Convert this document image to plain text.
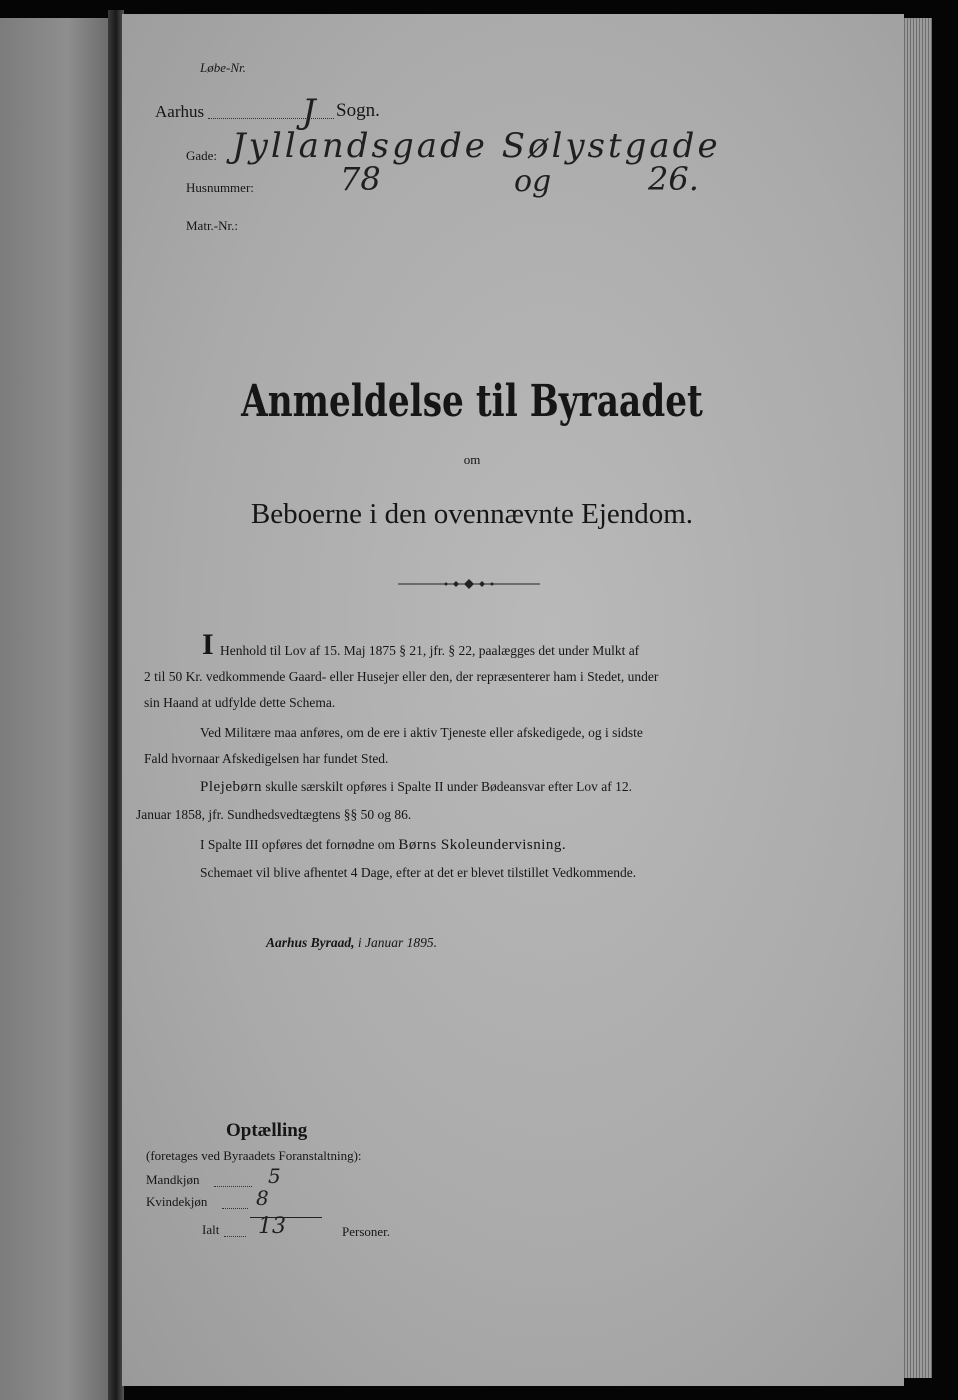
Løbe-Nr.
Aarhus	J Sogn.
Gade: Jyllandsgade Sølystgade
Husnummer:	78	og	26.
Matr.-Nr.:
Anmeldelse til Byraadet
om
Beboerne i den ovennævnte Ejendom.
I Henhold til Lov af 15. Maj 1875 § 21, jfr. § 22, paalægges det under Mulkt af
2 til 50 Kr. vedkommende Gaard- eller Husejer eller den, der repræsenterer ham i Stedet, under
sin Haand at udfylde dette Schema.
Ved Militære maa anføres, om de ere i aktiv Tjeneste eller afskedigede, og i sidste
Fald hvornaar Afskedigelsen har fundet Sted.
Plejebørn skulle særskilt opføres i Spalte II under Bødeansvar efter Lov af 12.
Januar 1858, jfr. Sundhedsvedtægtens §§ 50 og 86.
I Spalte III opføres det fornødne om Børns Skoleundervisning.
Schemaet vil blive afhentet 4 Dage, efter at det er blevet tilstillet Vedkommende.
Aarhus Byraad, i Januar 1895.
Optælling
(foretages ved Byraadets Foranstaltning):
Mandkjøn	5
Kvindekjøn 8
Ialt 13	Personer.
